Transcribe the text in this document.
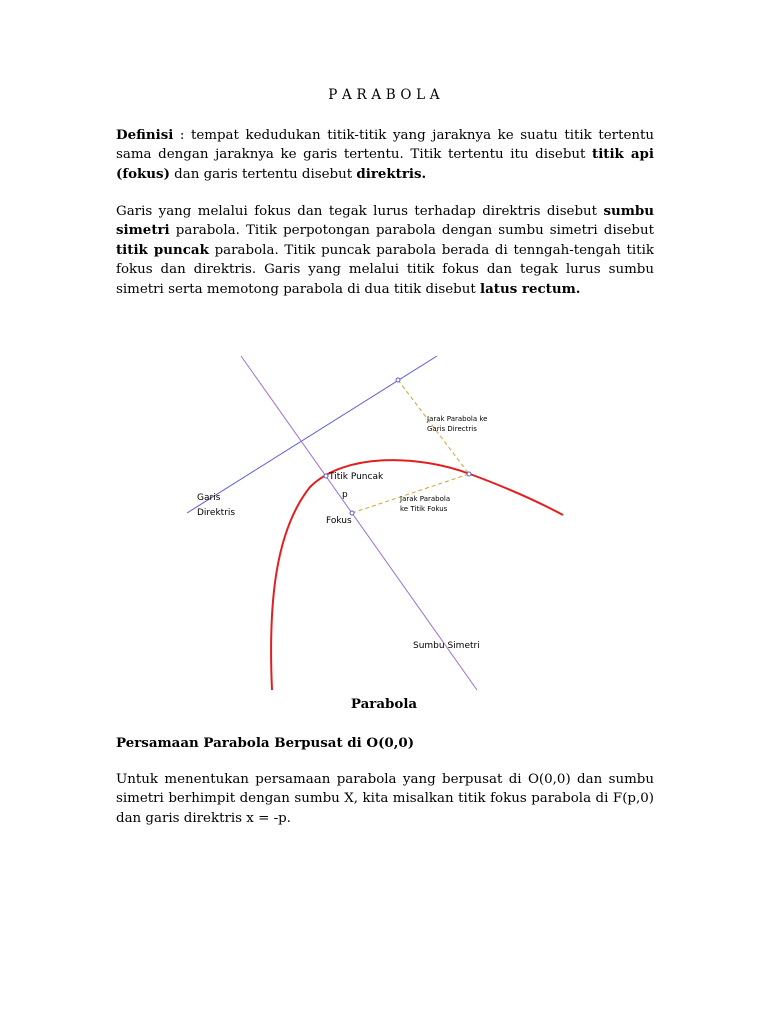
P A R A B O L A

Definisi : tempat kedudukan titik-titik yang jaraknya ke suatu titik tertentu sama dengan jaraknya ke garis tertentu. Titik tertentu itu disebut titik api (fokus) dan garis tertentu disebut direktris.

Garis yang melalui fokus dan tegak lurus terhadap direktris disebut sumbu simetri parabola. Titik perpotongan parabola dengan sumbu simetri disebut titik puncak parabola. Titik puncak parabola berada di tenngah-tengah titik fokus dan direktris. Garis yang melalui titik fokus dan tegak lurus sumbu simetri serta memotong parabola di dua titik disebut latus rectum.

Garis
Direktris
Titik Puncak
p
Fokus
Jarak Parabola ke
Garis Directris
Jarak Parabola
ke Titik Fokus
Sumbu Simetri
Parabola

Persamaan Parabola Berpusat di O(0,0)

Untuk menentukan persamaan parabola yang berpusat di O(0,0) dan sumbu simetri berhimpit dengan sumbu X, kita misalkan titik fokus parabola di F(p,0) dan garis direktris x = -p.
